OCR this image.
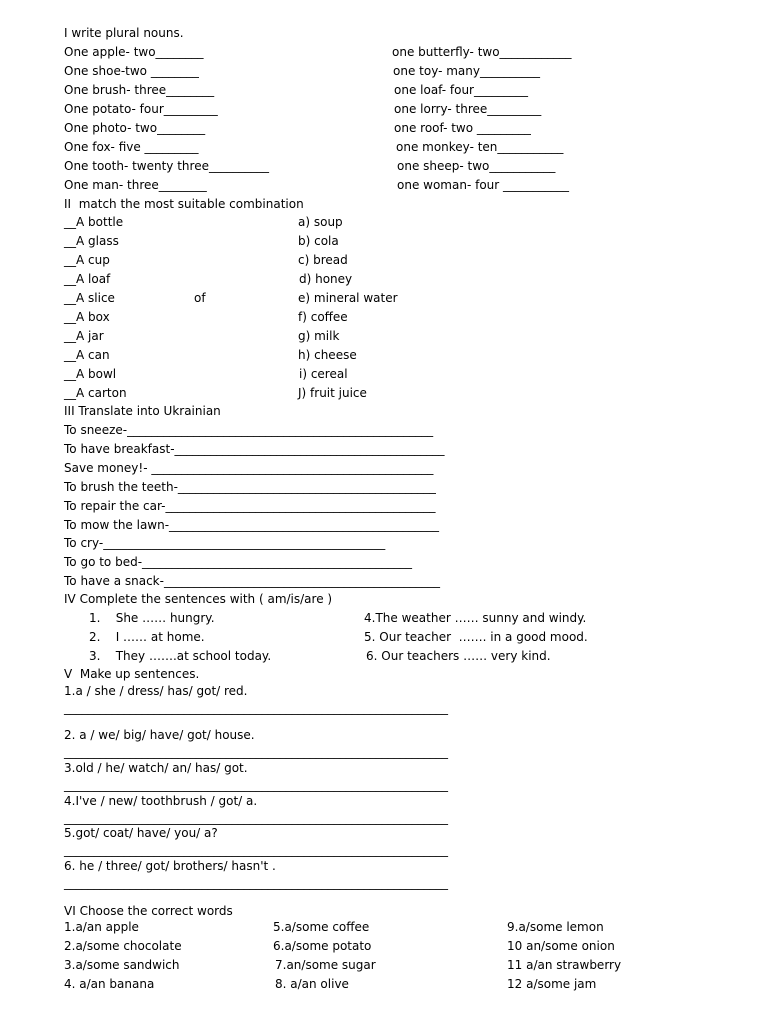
I write plural nouns.
One apple- two________
One shoe-two ________
One brush- three________
One potato- four_________
One photo- two________
One fox- five _________
One tooth- twenty three__________
One man- three________
one butterfly- two____________
one toy- many__________
one loaf- four_________
one lorry- three_________
one roof- two _________
one monkey- ten___________
one sheep- two___________
one woman- four ___________
II  match the most suitable combination
__A bottle
__A glass
__A cup
__A loaf
__A slice
__A box
__A jar
__A can
__A bowl
__A carton
of
a) soup
b) cola
c) bread
d) honey
e) mineral water
f) coffee
g) milk
h) cheese
i) cereal
J) fruit juice
III Translate into Ukrainian
To sneeze-___________________________________________________
To have breakfast-_____________________________________________
Save money!- _______________________________________________
To brush the teeth-___________________________________________
To repair the car-_____________________________________________
To mow the lawn-_____________________________________________
To cry-_______________________________________________
To go to bed-_____________________________________________
To have a snack-______________________________________________
IV Complete the sentences with ( am/is/are )
1.    She …… hungry.
2.    I …… at home.
3.    They …….at school today.
4.The weather …… sunny and windy.
5. Our teacher  ……. in a good mood.
6. Our teachers …… very kind.
V  Make up sentences.
1.a / she / dress/ has/ got/ red.
________________________________________________________________
2. a / we/ big/ have/ got/ house.
________________________________________________________________
3.old / he/ watch/ an/ has/ got.
________________________________________________________________
4.I've / new/ toothbrush / got/ a.
________________________________________________________________
5.got/ coat/ have/ you/ a?
________________________________________________________________
6. he / three/ got/ brothers/ hasn't .
________________________________________________________________
VI Choose the correct words
1.a/an apple
2.a/some chocolate
3.a/some sandwich
4. a/an banana
5.a/some coffee
6.a/some potato
7.an/some sugar
8. a/an olive
9.a/some lemon
10 an/some onion
11 a/an strawberry
12 a/some jam
